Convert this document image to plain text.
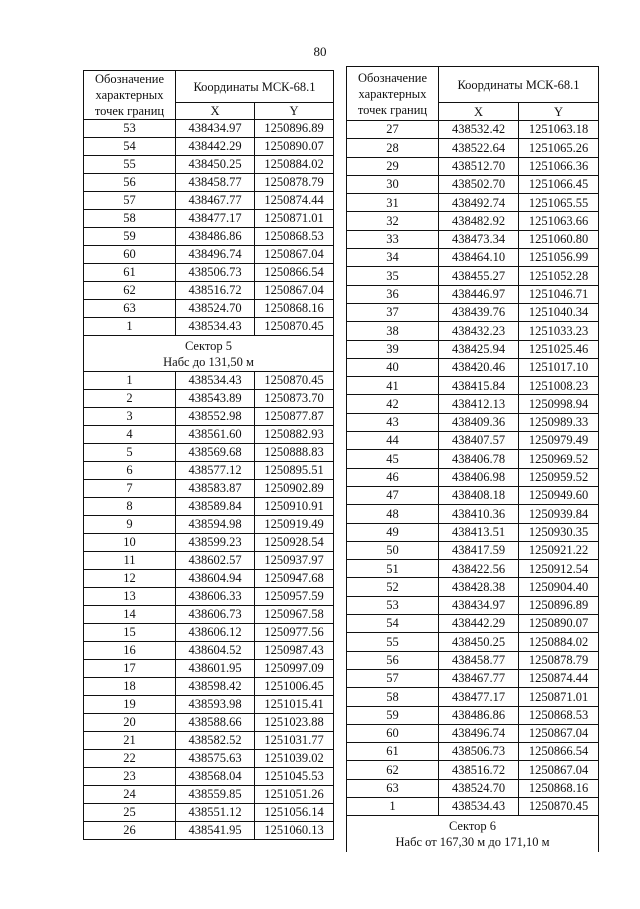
80
Обозначение характерных точек границ	Координаты МСК-68.1	
	X	Y
53	438434.97	1250896.89
54	438442.29	1250890.07
55	438450.25	1250884.02
56	438458.77	1250878.79
57	438467.77	1250874.44
58	438477.17	1250871.01
59	438486.86	1250868.53
60	438496.74	1250867.04
61	438506.73	1250866.54
62	438516.72	1250867.04
63	438524.70	1250868.16
1	438534.43	1250870.45

Сектор 5
Набс до 131,50 м		

1	438534.43	1250870.45
2	438543.89	1250873.70
3	438552.98	1250877.87
4	438561.60	1250882.93
5	438569.68	1250888.83
6	438577.12	1250895.51
7	438583.87	1250902.89
8	438589.84	1250910.91
9	438594.98	1250919.49
10	438599.23	1250928.54
11	438602.57	1250937.97
12	438604.94	1250947.68
13	438606.33	1250957.59
14	438606.73	1250967.58
15	438606.12	1250977.56
16	438604.52	1250987.43
17	438601.95	1250997.09
18	438598.42	1251006.45
19	438593.98	1251015.41
20	438588.66	1251023.88
21	438582.52	1251031.77
22	438575.63	1251039.02
23	438568.04	1251045.53
24	438559.85	1251051.26
25	438551.12	1251056.14
26	438541.95	1251060.13
Обозначение характерных точек границ	Координаты МСК-68.1	
	X	Y
27	438532.42	1251063.18
28	438522.64	1251065.26
29	438512.70	1251066.36
30	438502.70	1251066.45
31	438492.74	1251065.55
32	438482.92	1251063.66
33	438473.34	1251060.80
34	438464.10	1251056.99
35	438455.27	1251052.28
36	438446.97	1251046.71
37	438439.76	1251040.34
38	438432.23	1251033.23
39	438425.94	1251025.46
40	438420.46	1251017.10
41	438415.84	1251008.23
42	438412.13	1250998.94
43	438409.36	1250989.33
44	438407.57	1250979.49
45	438406.78	1250969.52
46	438406.98	1250959.52
47	438408.18	1250949.60
48	438410.36	1250939.84
49	438413.51	1250930.35
50	438417.59	1250921.22
51	438422.56	1250912.54
52	438428.38	1250904.40
53	438434.97	1250896.89
54	438442.29	1250890.07
55	438450.25	1250884.02
56	438458.77	1250878.79
57	438467.77	1250874.44
58	438477.17	1250871.01
59	438486.86	1250868.53
60	438496.74	1250867.04
61	438506.73	1250866.54
62	438516.72	1250867.04
63	438524.70	1250868.16
1	438534.43	1250870.45

Сектор 6
Набс от 167,30 м до 171,10 м		
